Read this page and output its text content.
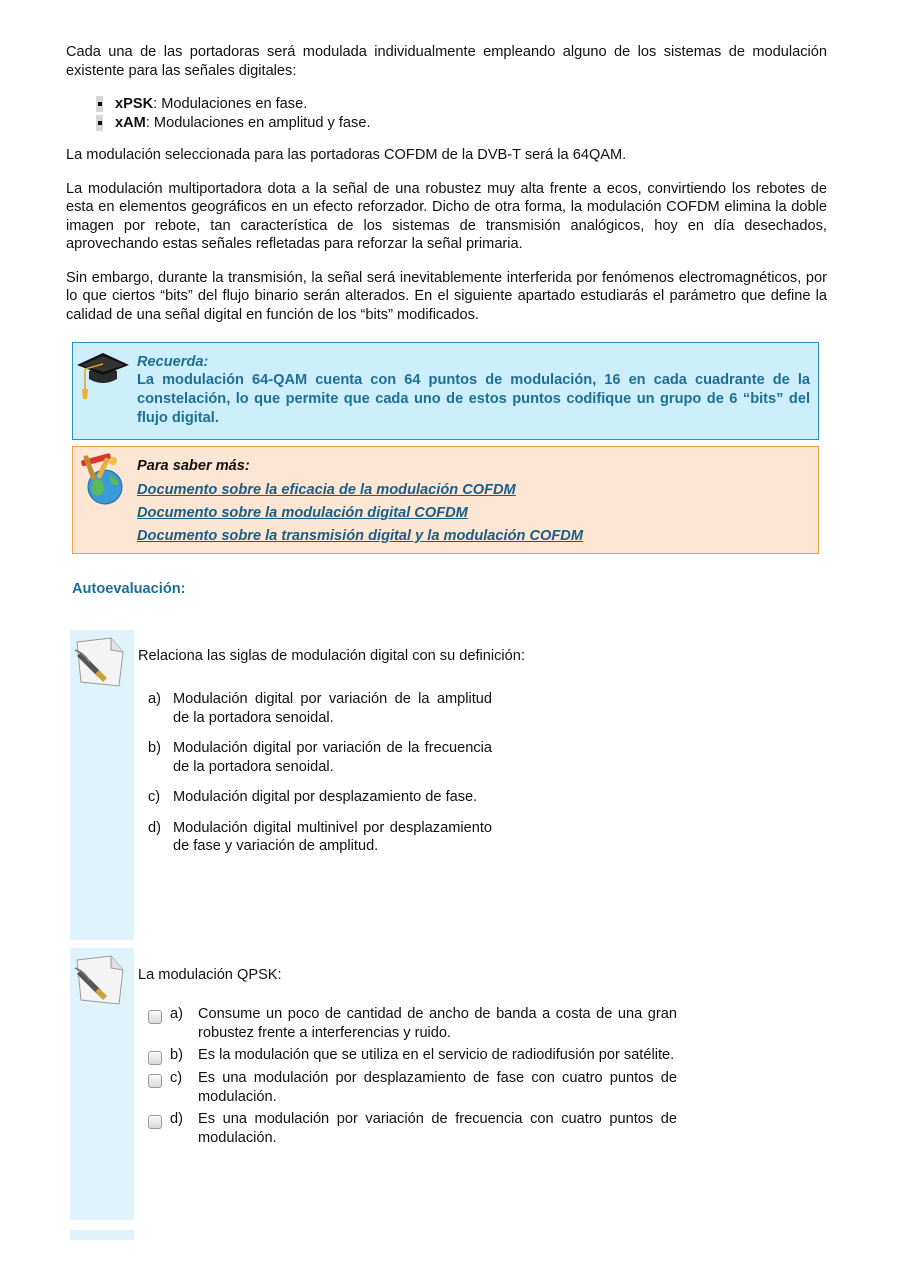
Cada una de las portadoras será modulada individualmente empleando alguno de los sistemas de modulación existente para las señales digitales:

xPSK: Modulaciones en fase.
xAM: Modulaciones en amplitud y fase.

La modulación seleccionada para las portadoras COFDM de la DVB-T será la 64QAM.

La modulación multiportadora dota a la señal de una robustez muy alta frente a ecos, convirtiendo los rebotes de esta en elementos geográficos en un efecto reforzador. Dicho de otra forma, la modulación COFDM elimina la doble imagen por rebote, tan característica de los sistemas de transmisión analógicos, hoy en día desechados, aprovechando estas señales refletadas para reforzar la señal primaria.

Sin embargo, durante la transmisión, la señal será inevitablemente interferida por fenómenos electromagnéticos, por lo que ciertos “bits” del flujo binario serán alterados. En el siguiente apartado estudiarás el parámetro que define la calidad de una señal digital en función de los “bits” modificados.

Recuerda:
La modulación 64-QAM cuenta con 64 puntos de modulación, 16 en cada cuadrante de la constelación, lo que permite que cada uno de estos puntos codifique un grupo de 6 “bits” del flujo digital.
Para saber más:
Documento sobre la eficacia de la modulación COFDM
Documento sobre la modulación digital COFDM
Documento sobre la transmisión digital y la modulación COFDM
Autoevaluación:
Relaciona las siglas de modulación digital con su definición:
a) Modulación digital por variación de la amplitud de la portadora senoidal.
b) Modulación digital por variación de la frecuencia de la portadora senoidal.
c) Modulación digital por desplazamiento de fase.
d) Modulación digital multinivel por desplazamiento de fase y variación de amplitud.
La modulación QPSK:
a)	Consume un poco de cantidad de ancho de banda a costa de una gran robustez frente a interferencias y ruido.
b)	Es la modulación que se utiliza en el servicio de radiodifusión por satélite.
c)	Es una modulación por desplazamiento de fase con cuatro puntos de modulación.
d)	Es una modulación por variación de frecuencia con cuatro puntos de modulación.
